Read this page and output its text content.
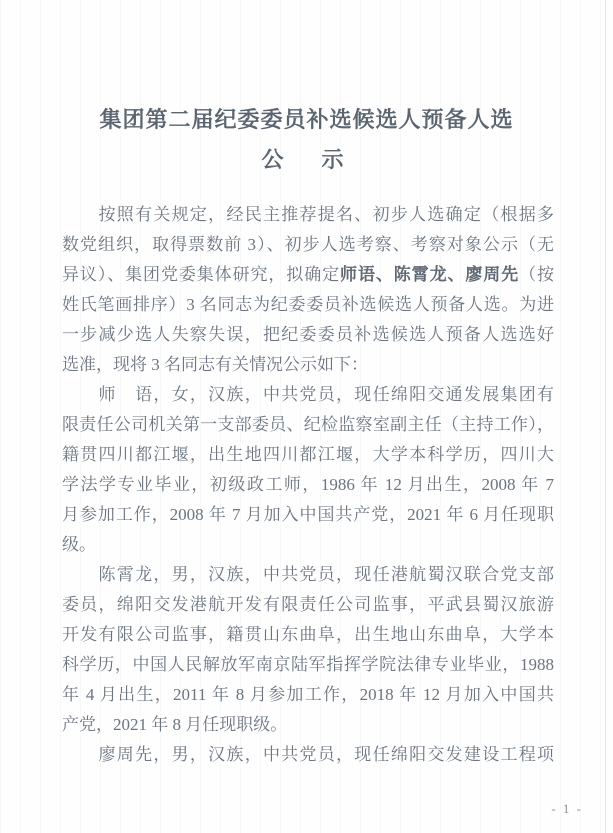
集团第二届纪委委员补选候选人预备人选
公　示
　　按照有关规定，经民主推荐提名、初步人选确定（根据多
数党组织，取得票数前 3）、初步人选考察、考察对象公示（无
异议）、集团党委集体研究，拟确定师语、陈霄龙、廖周先（按
姓氏笔画排序）3 名同志为纪委委员补选候选人预备人选。为进
一步减少选人失察失误，把纪委委员补选候选人预备人选选好
选准，现将 3 名同志有关情况公示如下：
　　师　语，女，汉族，中共党员，现任绵阳交通发展集团有
限责任公司机关第一支部委员、纪检监察室副主任（主持工作），
籍贯四川都江堰，出生地四川都江堰，大学本科学历，四川大
学法学专业毕业，初级政工师，1986 年 12 月出生，2008 年 7
月参加工作，2008 年 7 月加入中国共产党，2021 年 6 月任现职
级。
　　陈霄龙，男，汉族，中共党员，现任港航蜀汉联合党支部
委员，绵阳交发港航开发有限责任公司监事，平武县蜀汉旅游
开发有限公司监事，籍贯山东曲阜，出生地山东曲阜，大学本
科学历，中国人民解放军南京陆军指挥学院法律专业毕业，1988
年 4 月出生，2011 年 8 月参加工作，2018 年 12 月加入中国共
产党，2021 年 8 月任现职级。
　　廖周先，男，汉族，中共党员，现任绵阳交发建设工程项
- 1 -
